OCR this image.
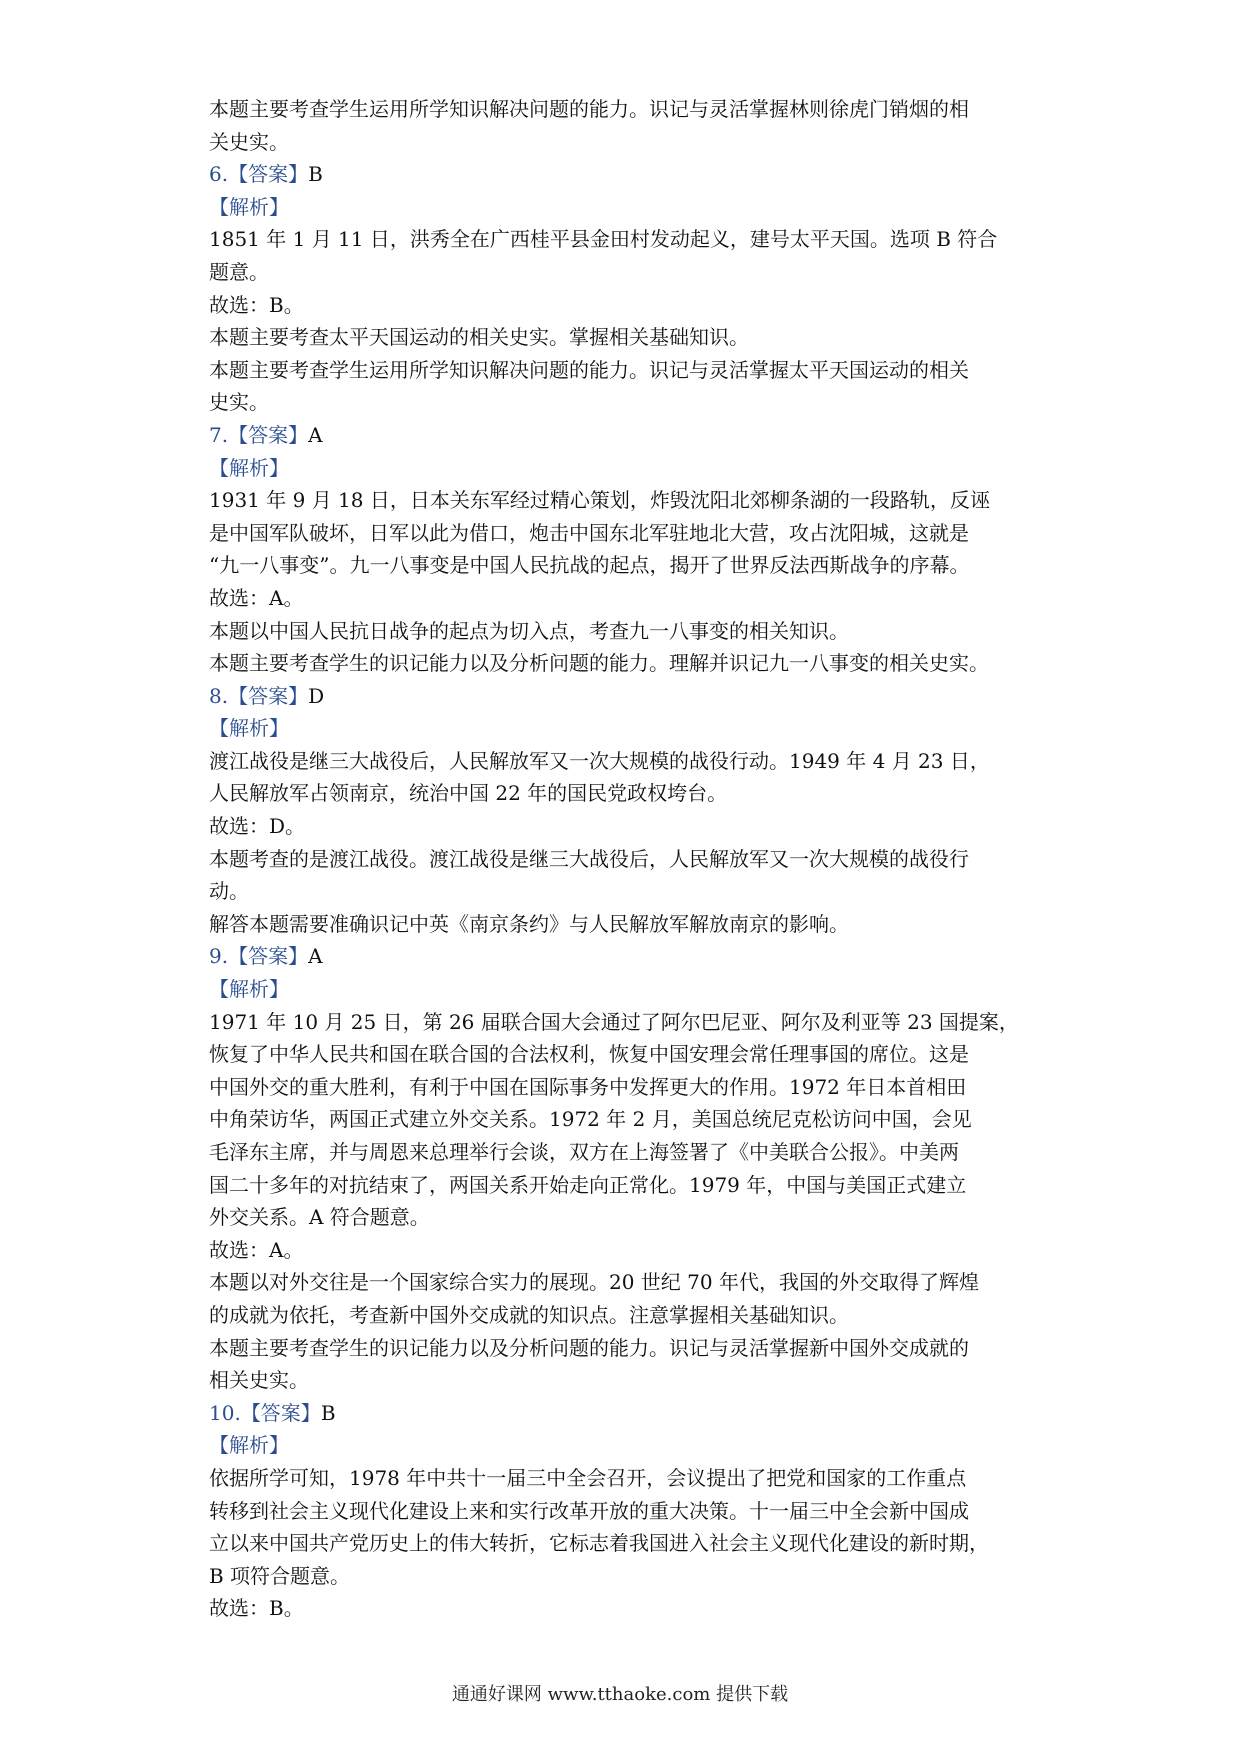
本题主要考查学生运用所学知识解决问题的能力。识记与灵活掌握林则徐虎门销烟的相
关史实。
6.【答案】B
【解析】
1851 年 1 月 11 日，洪秀全在广西桂平县金田村发动起义，建号太平天国。选项 B 符合
题意。
故选：B。
本题主要考查太平天国运动的相关史实。掌握相关基础知识。
本题主要考查学生运用所学知识解决问题的能力。识记与灵活掌握太平天国运动的相关
史实。
7.【答案】A
【解析】
1931 年 9 月 18 日，日本关东军经过精心策划，炸毁沈阳北郊柳条湖的一段路轨，反诬
是中国军队破坏，日军以此为借口，炮击中国东北军驻地北大营，攻占沈阳城，这就是
“九一八事变”。九一八事变是中国人民抗战的起点，揭开了世界反法西斯战争的序幕。
故选：A。
本题以中国人民抗日战争的起点为切入点，考查九一八事变的相关知识。
本题主要考查学生的识记能力以及分析问题的能力。理解并识记九一八事变的相关史实。
8.【答案】D
【解析】
渡江战役是继三大战役后，人民解放军又一次大规模的战役行动。1949 年 4 月 23 日，
人民解放军占领南京，统治中国 22 年的国民党政权垮台。
故选：D。
本题考查的是渡江战役。渡江战役是继三大战役后，人民解放军又一次大规模的战役行
动。
解答本题需要准确识记中英《南京条约》与人民解放军解放南京的影响。
9.【答案】A
【解析】
1971 年 10 月 25 日，第 26 届联合国大会通过了阿尔巴尼亚、阿尔及利亚等 23 国提案，
恢复了中华人民共和国在联合国的合法权利，恢复中国安理会常任理事国的席位。这是
中国外交的重大胜利，有利于中国在国际事务中发挥更大的作用。1972 年日本首相田
中角荣访华，两国正式建立外交关系。1972 年 2 月，美国总统尼克松访问中国，会见
毛泽东主席，并与周恩来总理举行会谈，双方在上海签署了《中美联合公报》。中美两
国二十多年的对抗结束了，两国关系开始走向正常化。1979 年，中国与美国正式建立
外交关系。A 符合题意。
故选：A。
本题以对外交往是一个国家综合实力的展现。20 世纪 70 年代，我国的外交取得了辉煌
的成就为依托，考查新中国外交成就的知识点。注意掌握相关基础知识。
本题主要考查学生的识记能力以及分析问题的能力。识记与灵活掌握新中国外交成就的
相关史实。
10.【答案】B
【解析】
依据所学可知，1978 年中共十一届三中全会召开，会议提出了把党和国家的工作重点
转移到社会主义现代化建设上来和实行改革开放的重大决策。十一届三中全会新中国成
立以来中国共产党历史上的伟大转折，它标志着我国进入社会主义现代化建设的新时期，
B 项符合题意。
故选：B。
通通好课网 www.tthaoke.com 提供下载
